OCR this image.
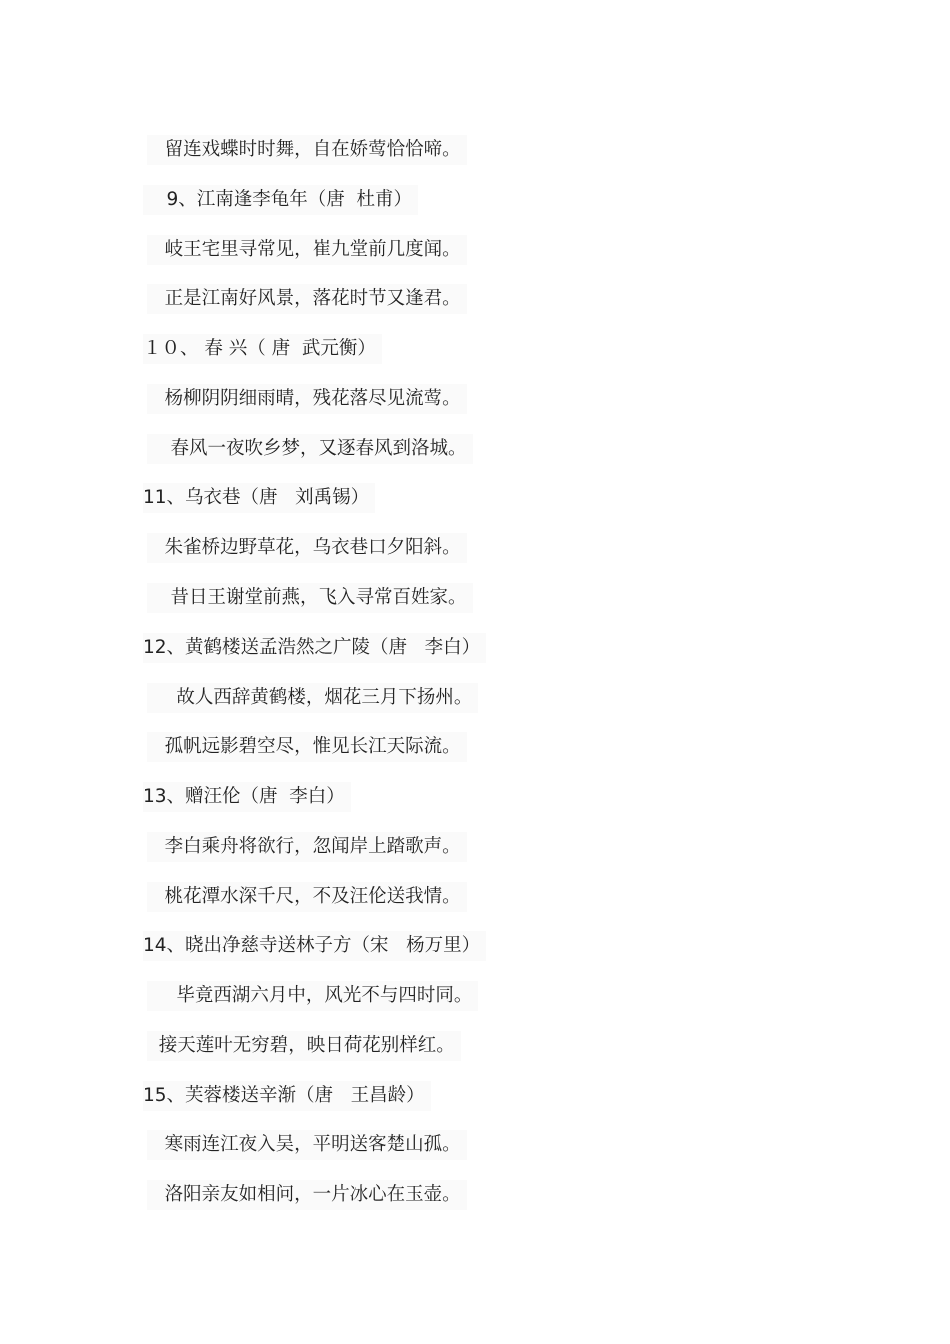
留连戏蝶时时舞，自在娇莺恰恰啼。
9、江南逢李龟年（唐  杜甫）
岐王宅里寻常见，崔九堂前几度闻。
正是江南好风景，落花时节又逢君。
１０、 春 兴（ 唐  武元衡）
杨柳阴阴细雨晴，残花落尽见流莺。
春风一夜吹乡梦，又逐春风到洛城。
11、乌衣巷（唐   刘禹锡）
朱雀桥边野草花，乌衣巷口夕阳斜。
昔日王谢堂前燕，飞入寻常百姓家。
12、黄鹤楼送孟浩然之广陵（唐   李白）
故人西辞黄鹤楼，烟花三月下扬州。
孤帆远影碧空尽，惟见长江天际流。
13、赠汪伦（唐  李白）
李白乘舟将欲行，忽闻岸上踏歌声。
桃花潭水深千尺，不及汪伦送我情。
14、晓出净慈寺送林子方（宋   杨万里）
毕竟西湖六月中，风光不与四时同。
接天莲叶无穷碧，映日荷花别样红。
15、芙蓉楼送辛渐（唐   王昌龄）
寒雨连江夜入吴，平明送客楚山孤。
洛阳亲友如相问，一片冰心在玉壶。
